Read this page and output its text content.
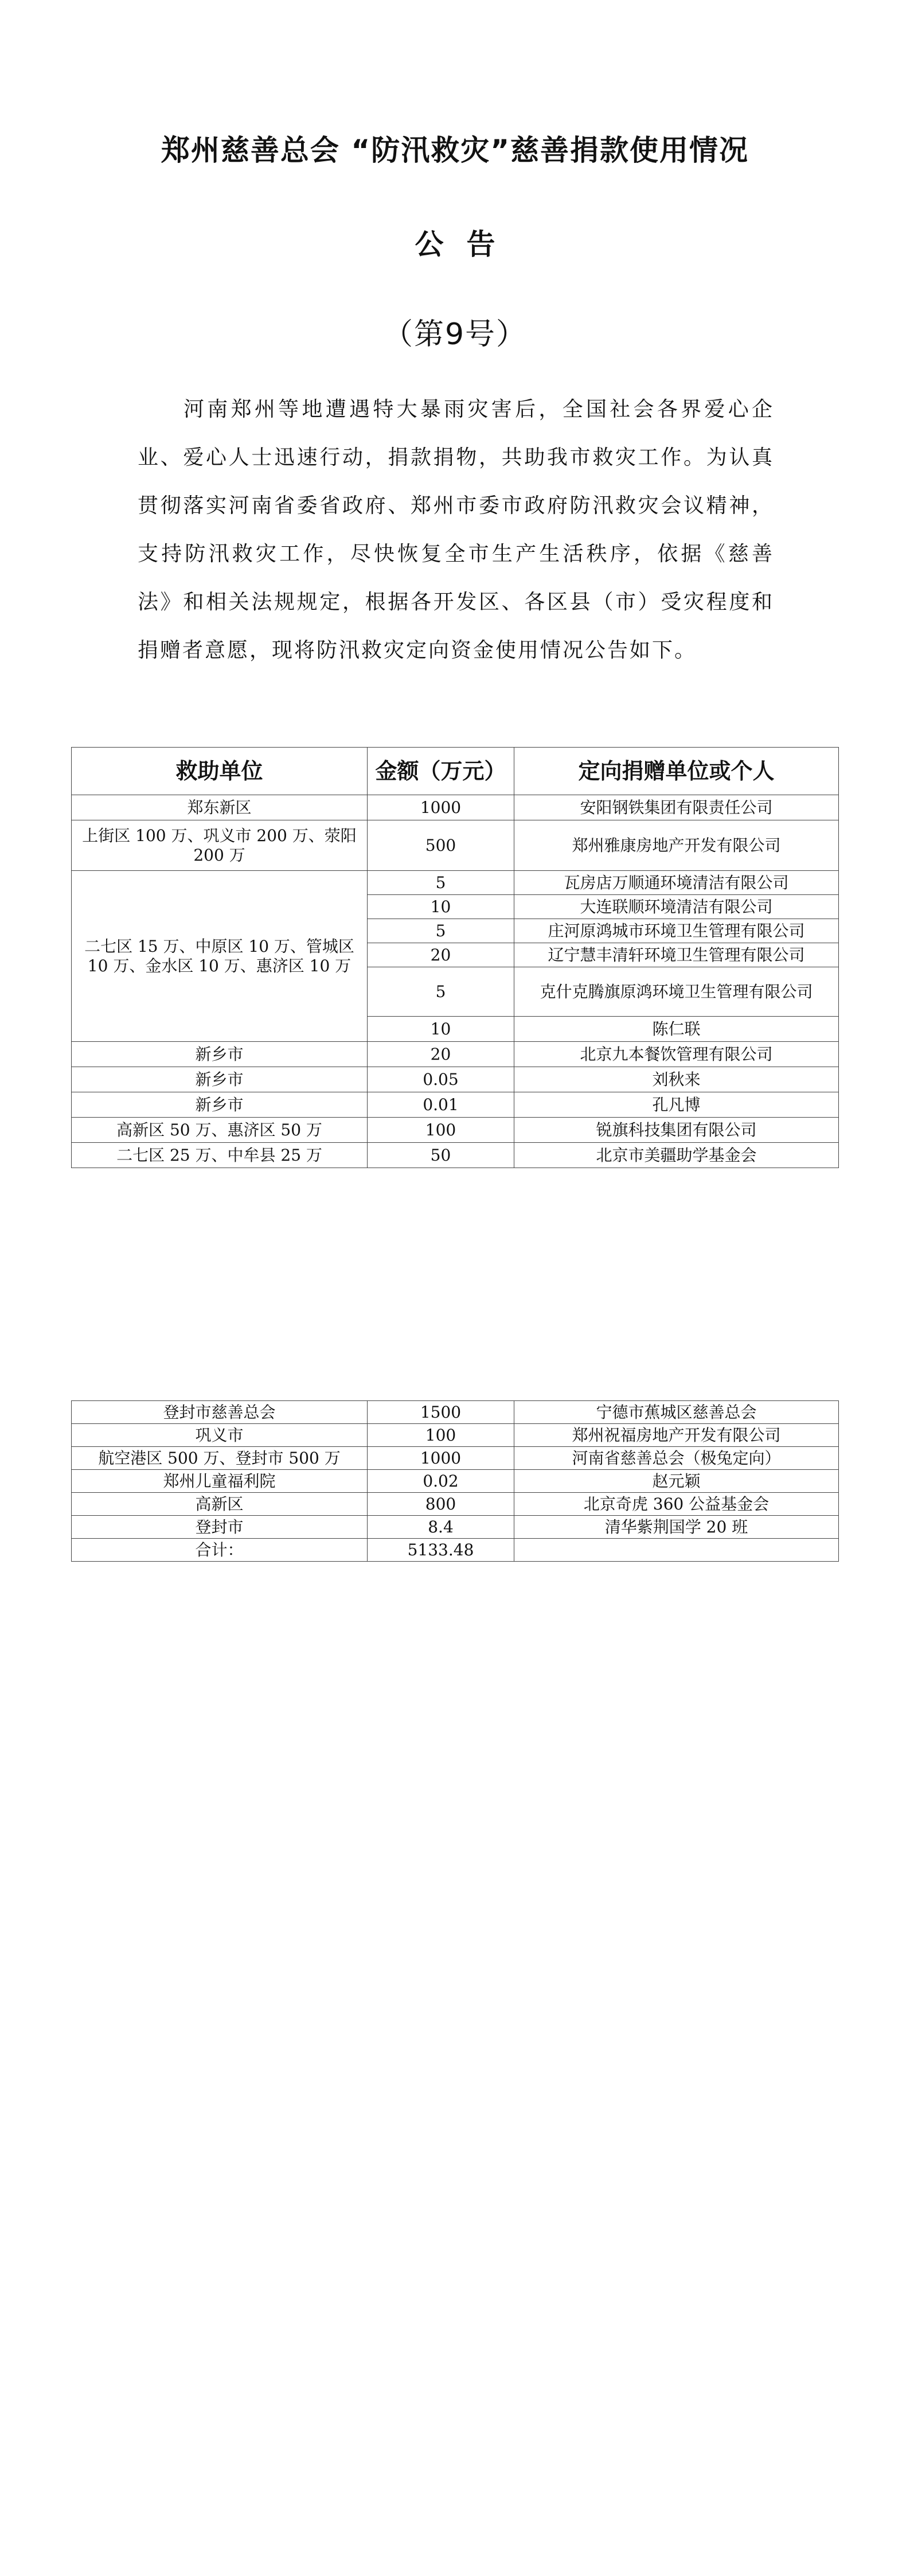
郑州慈善总会 “防汛救灾”慈善捐款使用情况
公告
（第9号）

河南郑州等地遭遇特大暴雨灾害后，全国社会各界爱心企业、爱心人士迅速行动，捐款捐物，共助我市救灾工作。为认真贯彻落实河南省委省政府、郑州市委市政府防汛救灾会议精神，支持防汛救灾工作，尽快恢复全市生产生活秩序，依据《慈善法》和相关法规规定，根据各开发区、各区县（市）受灾程度和捐赠者意愿，现将防汛救灾定向资金使用情况公告如下。

救助单位	金额（万元）	定向捐赠单位或个人
郑东新区	1000	安阳钢铁集团有限责任公司
上街区 100 万、巩义市 200 万、荥阳 200 万	500	郑州雅康房地产开发有限公司
二七区 15 万、中原区 10 万、管城区 10 万、金水区 10 万、惠济区 10 万	5	瓦房店万顺通环境清洁有限公司
	10	大连联顺环境清洁有限公司
	5	庄河原鸿城市环境卫生管理有限公司
	20	辽宁慧丰清轩环境卫生管理有限公司
	5	克什克腾旗原鸿环境卫生管理有限公司
	10	陈仁联
新乡市	20	北京九本餐饮管理有限公司
新乡市	0.05	刘秋来
新乡市	0.01	孔凡博
高新区 50 万、惠济区 50 万	100	锐旗科技集团有限公司
二七区 25 万、中牟县 25 万	50	北京市美疆助学基金会
登封市慈善总会	1500	宁德市蕉城区慈善总会
巩义市	100	郑州祝福房地产开发有限公司
航空港区 500 万、登封市 500 万	1000	河南省慈善总会（极兔定向）
郑州儿童福利院	0.02	赵元颖
高新区	800	北京奇虎 360 公益基金会
登封市	8.4	清华紫荆国学 20 班
合计：	5133.48	
